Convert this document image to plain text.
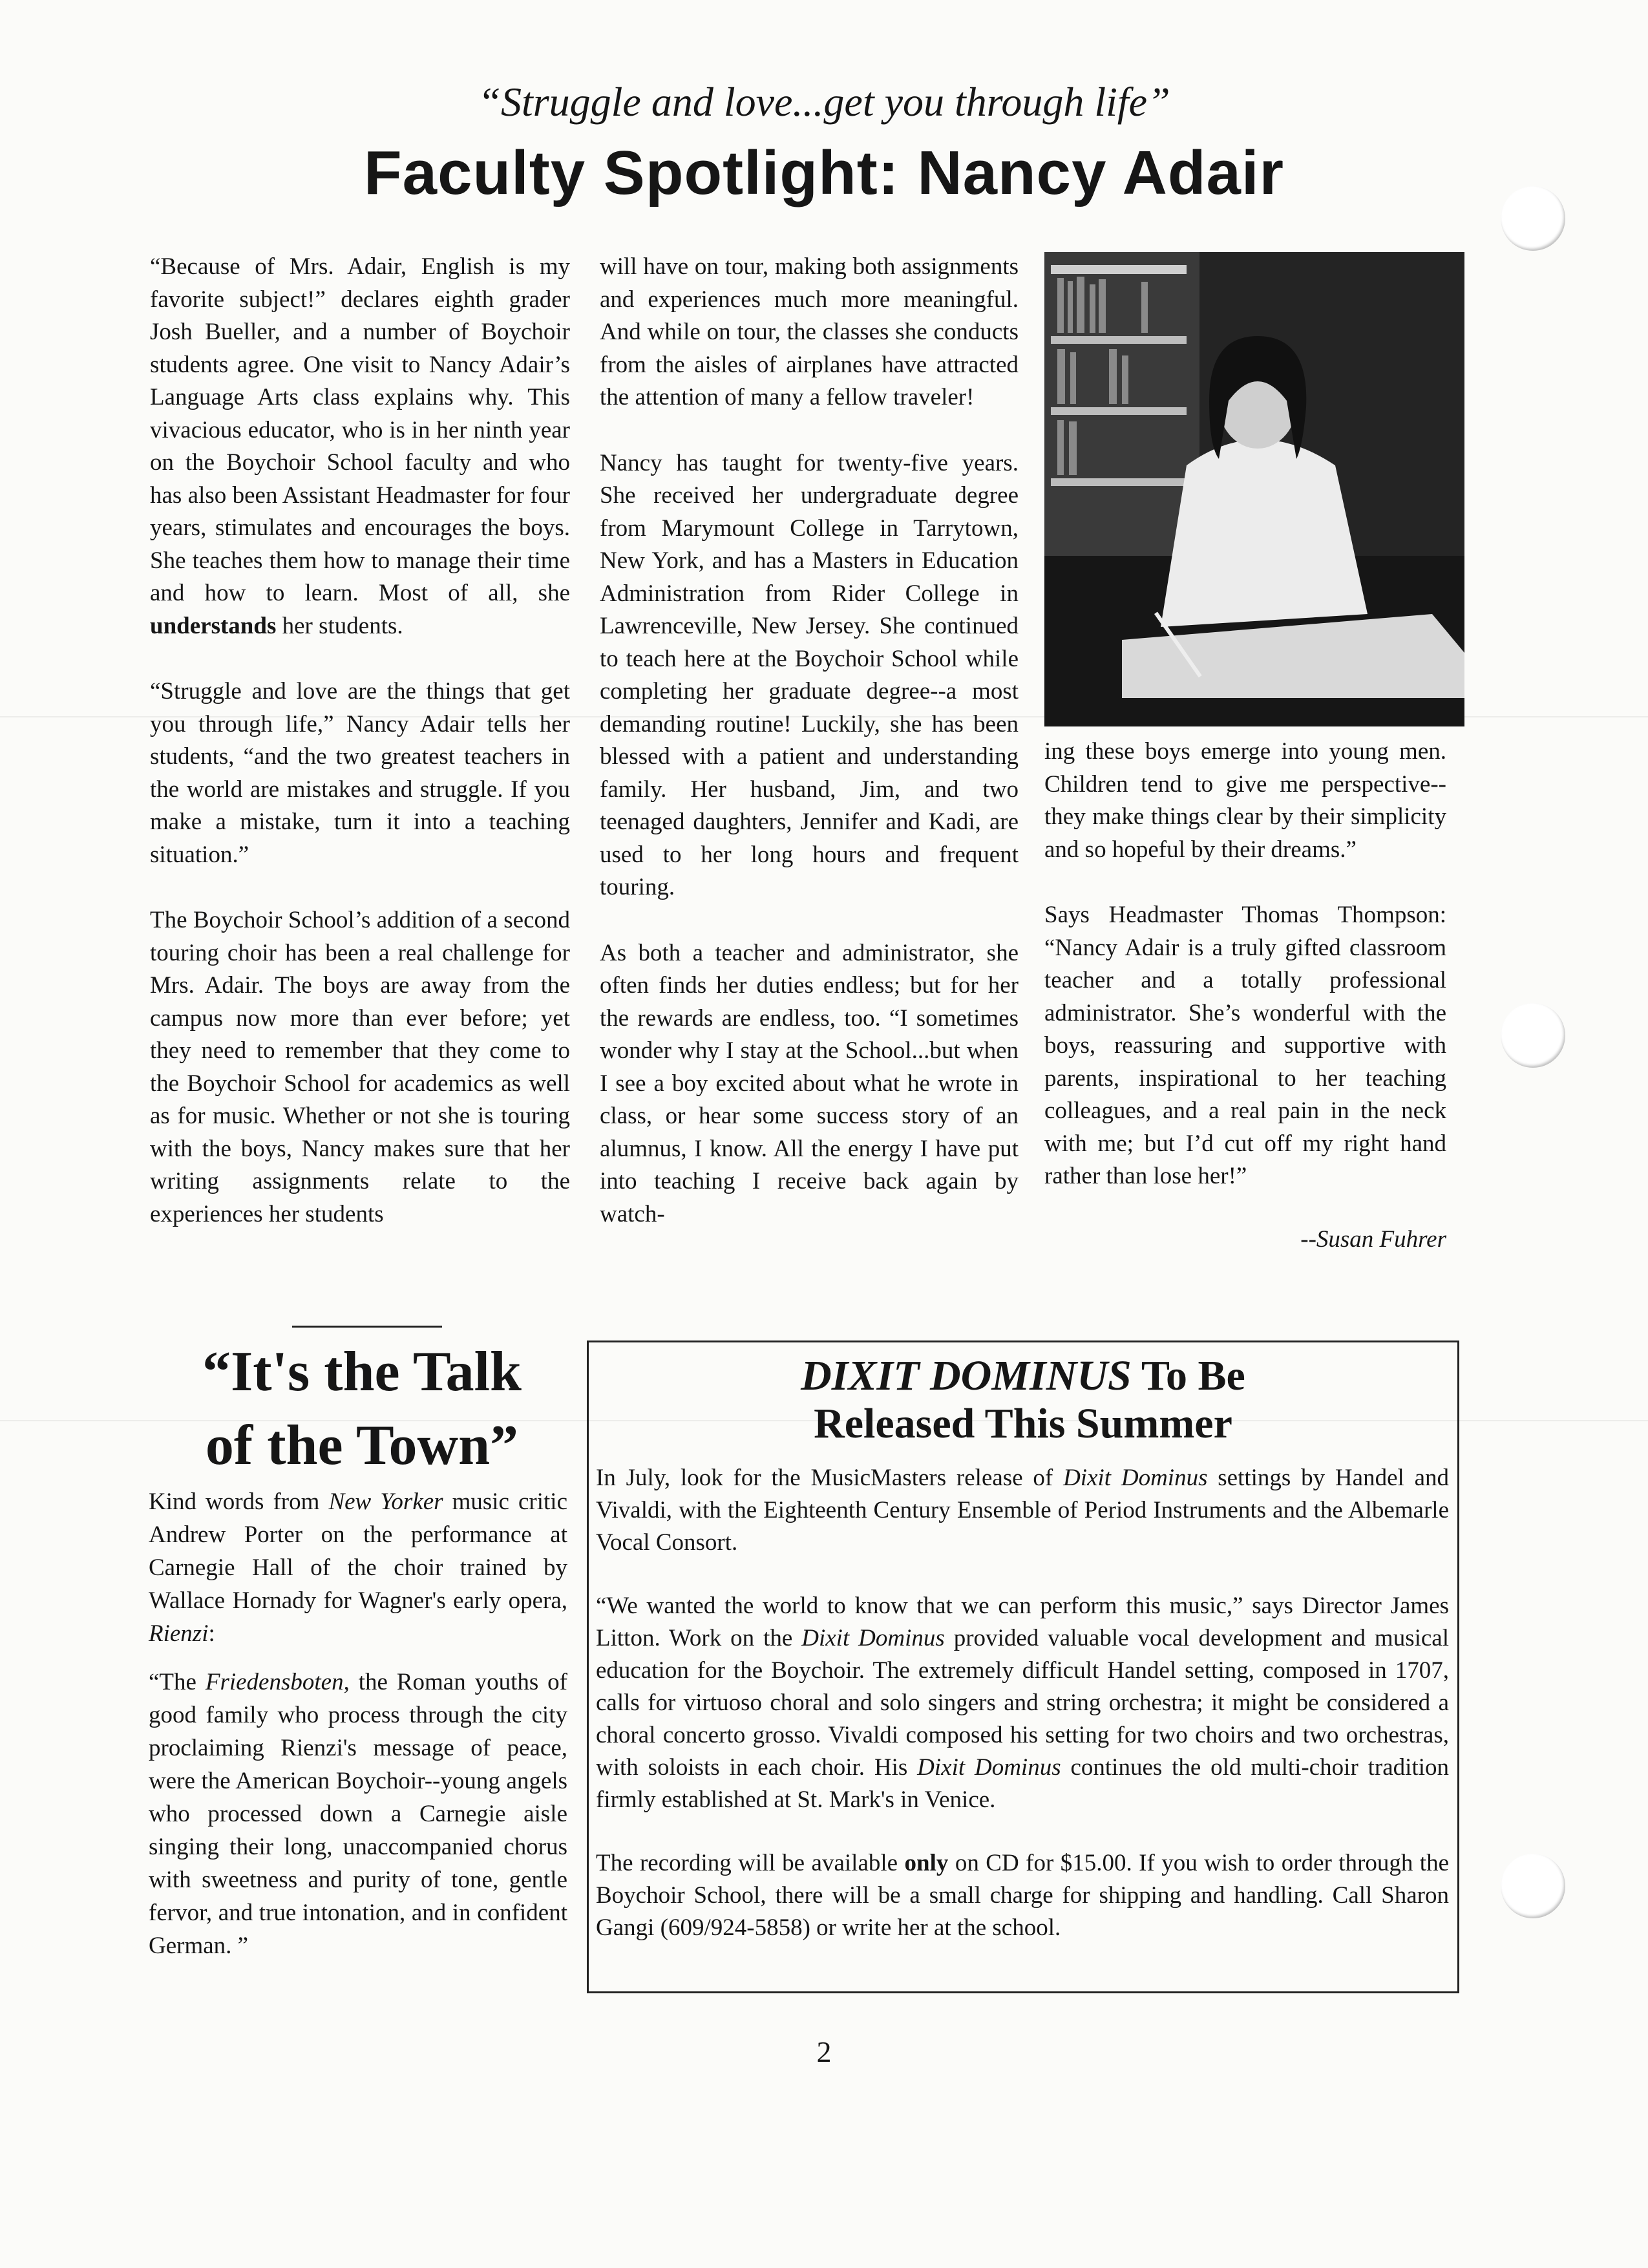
“Struggle and love...get you through life”
Faculty Spotlight: Nancy Adair

“Because of Mrs. Adair, English is my favorite subject!” declares eighth grader Josh Bueller, and a number of Boychoir students agree. One visit to Nancy Adair’s Language Arts class explains why. This vivacious educator, who is in her ninth year on the Boychoir School faculty and who has also been Assistant Headmaster for four years, stimulates and encourages the boys. She teaches them how to manage their time and how to learn. Most of all, she understands her students.

“Struggle and love are the things that get you through life,” Nancy Adair tells her students, “and the two greatest teachers in the world are mistakes and struggle. If you make a mistake, turn it into a teaching situation.”

The Boychoir School’s addition of a second touring choir has been a real challenge for Mrs. Adair. The boys are away from the campus now more than ever before; yet they need to remember that they come to the Boychoir School for academics as well as for music. Whether or not she is touring with the boys, Nancy makes sure that her writing assignments relate to the experiences her students

will have on tour, making both assignments and experiences much more meaningful. And while on tour, the classes she conducts from the aisles of airplanes have attracted the attention of many a fellow traveler!

Nancy has taught for twenty-five years. She received her undergraduate degree from Marymount College in Tarrytown, New York, and has a Masters in Education Administration from Rider College in Lawrenceville, New Jersey. She continued to teach here at the Boychoir School while completing her graduate degree--a most demanding routine! Luckily, she has been blessed with a patient and understanding family. Her husband, Jim, and two teenaged daughters, Jennifer and Kadi, are used to her long hours and frequent touring.

As both a teacher and administrator, she often finds her duties endless; but for her the rewards are endless, too. “I sometimes wonder why I stay at the School...but when I see a boy excited about what he wrote in class, or hear some success story of an alumnus, I know. All the energy I have put into teaching I receive back again by watch-

ing these boys emerge into young men. Children tend to give me perspective--they make things clear by their simplicity and so hopeful by their dreams.”

Says Headmaster Thomas Thompson: “Nancy Adair is a truly gifted classroom teacher and a totally professional administrator. She’s wonderful with the boys, reassuring and supportive with parents, inspirational to her teaching colleagues, and a real pain in the neck with me; but I’d cut off my right hand rather than lose her!”

--Susan Fuhrer

“It's the Talk
of the Town”

Kind words from New Yorker music critic Andrew Porter on the performance at Carnegie Hall of the choir trained by Wallace Hornady for Wagner's early opera, Rienzi:

“The Friedensboten, the Roman youths of good family who process through the city proclaiming Rienzi's message of peace, were the American Boychoir--young angels who processed down a Carnegie aisle singing their long, unaccompanied chorus with sweetness and purity of tone, gentle fervor, and true intonation, and in confident German. ”

DIXIT DOMINUS To Be
Released This Summer

In July, look for the MusicMasters release of Dixit Dominus settings by Handel and Vivaldi, with the Eighteenth Century Ensemble of Period Instruments and the Albemarle Vocal Consort.

“We wanted the world to know that we can perform this music,” says Director James Litton. Work on the Dixit Dominus provided valuable vocal development and musical education for the Boychoir. The extremely difficult Handel setting, composed in 1707, calls for virtuoso choral and solo singers and string orchestra; it might be considered a choral concerto grosso. Vivaldi composed his setting for two choirs and two orchestras, with soloists in each choir. His Dixit Dominus continues the old multi-choir tradition firmly established at St. Mark's in Venice.

The recording will be available only on CD for $15.00. If you wish to order through the Boychoir School, there will be a small charge for shipping and handling. Call Sharon Gangi (609/924-5858) or write her at the school.

2
